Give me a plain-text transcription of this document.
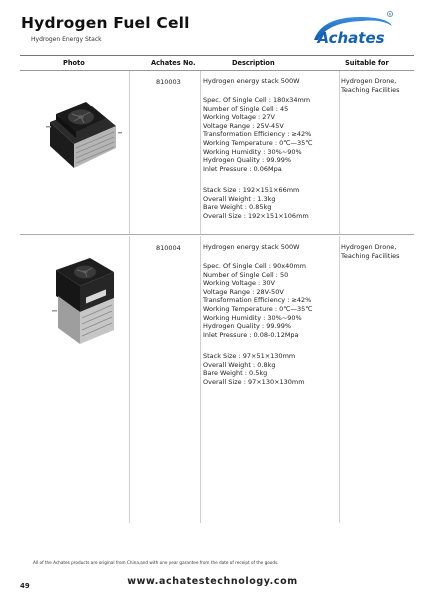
Hydrogen Fuel Cell
Hydrogen Energy Stack	Achates
R
Photo	Achates No.	Description	Suitable for
810003	Hydrogen energy stack 500W
Spec. Of Single Cell : 180x34mm
Number of Single Cell : 45
Working Voltage : 27V
Voltage Range : 25V-45V
Transformation Efficiency : ≥42%
Working Temperature : 0℃—35℃
Working Humidity : 30%~90%
Hydrogen Quality : 99.99%
Inlet Pressure : 0.06Mpa
Stack Size : 192×151×66mm
Overall Weight : 1.3kg
Bare Weight : 0.85kg
Overall Size : 192×151×106mm
Hydrogen Drone,
Teaching Facilities
810004	Hydrogen energy stack 500W
Spec. Of Single Cell : 90x40mm
Number of Single Cell : 50
Working Voltage : 30V
Voltage Range : 28V-50V
Transformation Efficiency : ≥42%
Working Temperature : 0℃—35℃
Working Humidity : 30%~90%
Hydrogen Quality : 99.99%
Inlet Pressure : 0.08-0.12Mpa
Stack Size : 97×51×130mm
Overall Weight : 0.8kg
Bare Weight : 0.5kg
Overall Size : 97×130×130mm
Hydrogen Drone,
Teaching Facilities
All of the Achates products are original from China,and with one year garantee from the date of receipt of the goods.
49	www.achatestechnology.com
